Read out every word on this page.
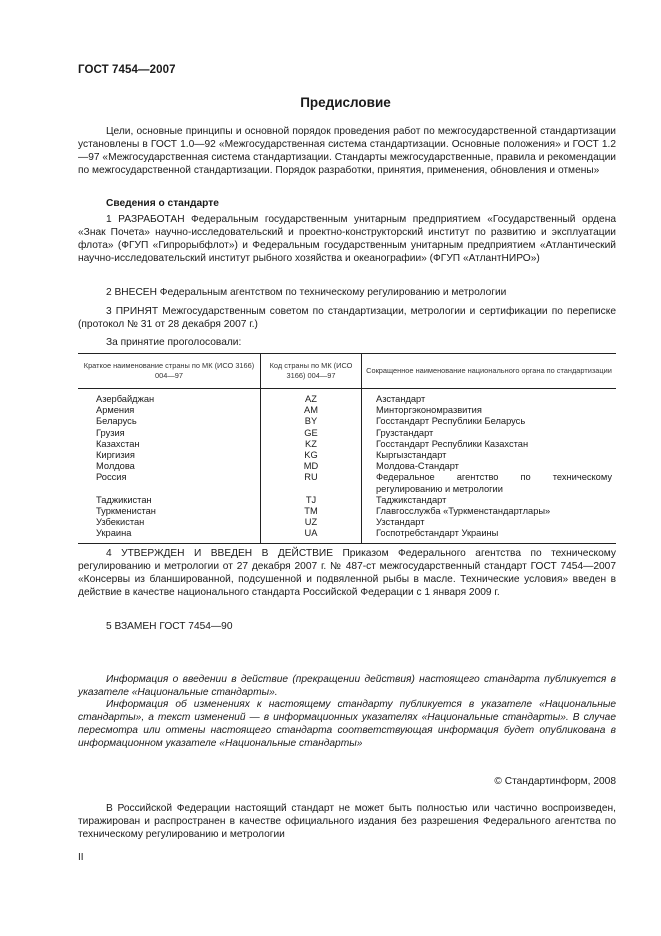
ГОСТ 7454—2007
Предисловие

Цели, основные принципы и основной порядок проведения работ по межгосударственной стандартизации установлены в ГОСТ 1.0—92 «Межгосударственная система стандартизации. Основные положения» и ГОСТ 1.2—97 «Межгосударственная система стандартизации. Стандарты межгосударственные, правила и рекомендации по межгосударственной стандартизации. Порядок разработки, принятия, применения, обновления и отмены»

Сведения о стандарте

1 РАЗРАБОТАН Федеральным государственным унитарным предприятием «Государственный ордена «Знак Почета» научно-исследовательский и проектно-конструкторский институт по развитию и эксплуатации флота» (ФГУП «Гипрорыбфлот») и Федеральным государственным унитарным предприятием «Атлантический научно-исследовательский институт рыбного хозяйства и океанографии» (ФГУП «АтлантНИРО»)

2 ВНЕСЕН Федеральным агентством по техническому регулированию и метрологии

3 ПРИНЯТ Межгосударственным советом по стандартизации, метрологии и сертификации по переписке (протокол № 31 от 28 декабря 2007 г.)

За принятие проголосовали:

Краткое наименование страны по МК (ИСО 3166) 004—97	Код страны по МК (ИСО 3166) 004—97	Сокращенное наименование национального органа по стандартизации
Азербайджан	AZ	Азстандарт
Армения	AM	Минторгэкономразвития
Беларусь	BY	Госстандарт Республики Беларусь
Грузия	GE	Грузстандарт
Казахстан	KZ	Госстандарт Республики Казахстан
Киргизия	KG	Кыргызстандарт
Молдова	MD	Молдова-Стандарт
Россия	RU	Федеральное агентство по техническому регулированию и метрологии
Таджикистан	TJ	Таджикстандарт
Туркменистан	TM	Главгосслужба «Туркменстандартлары»
Узбекистан	UZ	Узстандарт
Украина	UA	Госпотребстандарт Украины

4 УТВЕРЖДЕН И ВВЕДЕН В ДЕЙСТВИЕ Приказом Федерального агентства по техническому регулированию и метрологии от 27 декабря 2007 г. № 487-ст межгосударственный стандарт ГОСТ 7454—2007 «Консервы из бланшированной, подсушенной и подвяленной рыбы в масле. Технические условия» введен в действие в качестве национального стандарта Российской Федерации с 1 января 2009 г.

5 ВЗАМЕН ГОСТ 7454—90

Информация о введении в действие (прекращении действия) настоящего стандарта публикуется в указателе «Национальные стандарты».

Информация об изменениях к настоящему стандарту публикуется в указателе «Национальные стандарты», а текст изменений — в информационных указателях «Национальные стандарты». В случае пересмотра или отмены настоящего стандарта соответствующая информация будет опубликована в информационном указателе «Национальные стандарты»

© Стандартинформ, 2008

В Российской Федерации настоящий стандарт не может быть полностью или частично воспроизведен, тиражирован и распространен в качестве официального издания без разрешения Федерального агентства по техническому регулированию и метрологии

II
